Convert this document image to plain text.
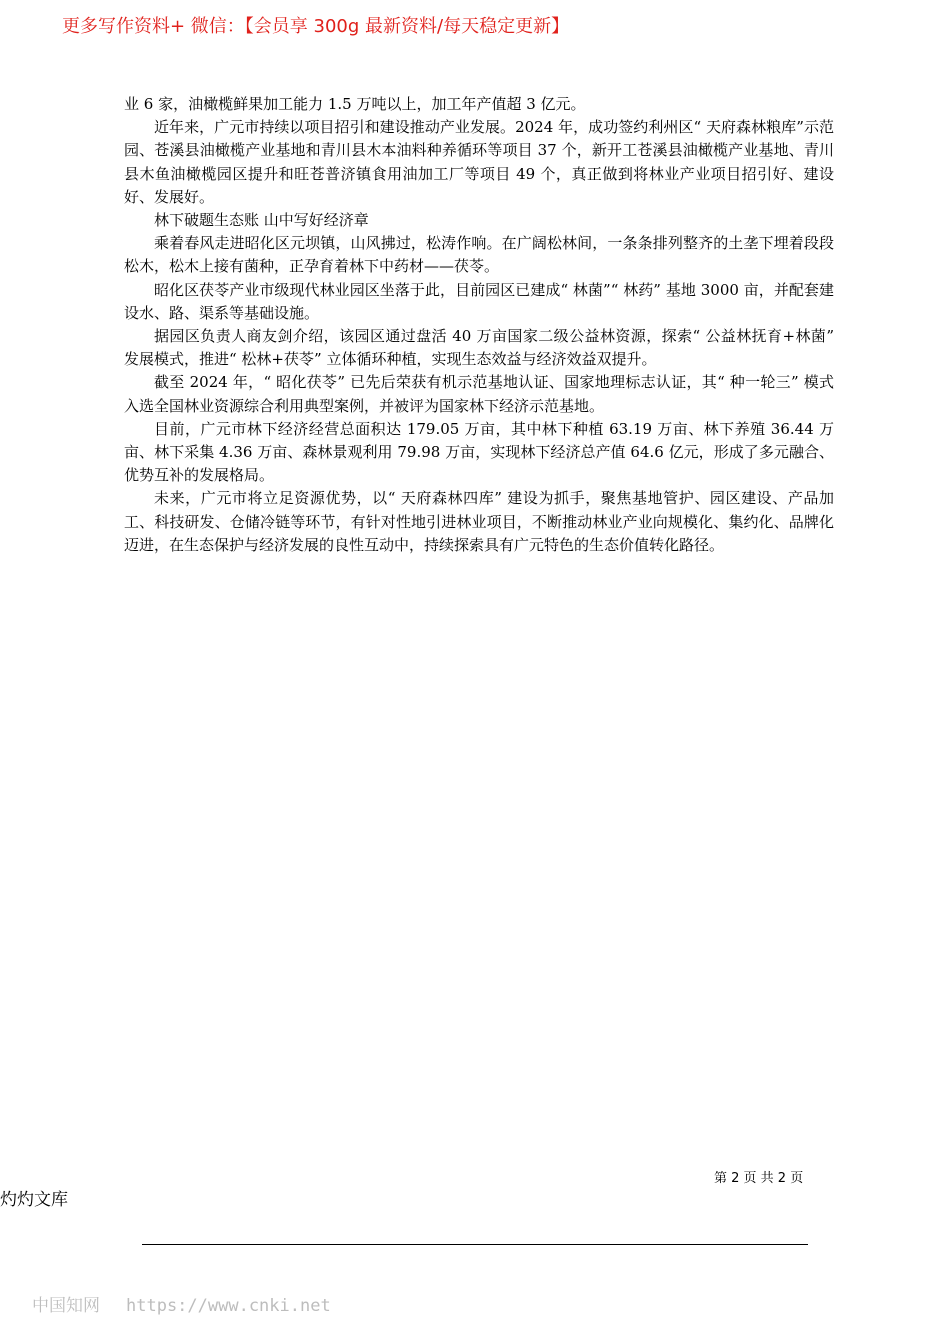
更多写作资料+ 微信：【会员享 300g 最新资料/每天稳定更新】

业 6 家，油橄榄鲜果加工能力 1.5 万吨以上，加工年产值超 3 亿元。

近年来，广元市持续以项目招引和建设推动产业发展。2024 年，成功签约利州区“ 天府森林粮库”示范园、苍溪县油橄榄产业基地和青川县木本油料种养循环等项目 37 个，新开工苍溪县油橄榄产业基地、青川县木鱼油橄榄园区提升和旺苍普济镇食用油加工厂等项目 49 个，真正做到将林业产业项目招引好、建设好、发展好。

林下破题生态账 山中写好经济章

乘着春风走进昭化区元坝镇，山风拂过，松涛作响。在广阔松林间，一条条排列整齐的土垄下埋着段段松木，松木上接有菌种，正孕育着林下中药材——茯苓。

昭化区茯苓产业市级现代林业园区坐落于此，目前园区已建成“ 林菌”“ 林药” 基地 3000 亩，并配套建设水、路、渠系等基础设施。

据园区负责人商友剑介绍，该园区通过盘活 40 万亩国家二级公益林资源，探索“ 公益林抚育+林菌” 发展模式，推进“ 松林+茯苓” 立体循环种植，实现生态效益与经济效益双提升。

截至 2024 年，“ 昭化茯苓” 已先后荣获有机示范基地认证、国家地理标志认证，其“ 种一轮三” 模式入选全国林业资源综合利用典型案例，并被评为国家林下经济示范基地。

目前，广元市林下经济经营总面积达 179.05 万亩，其中林下种植 63.19 万亩、林下养殖 36.44 万亩、林下采集 4.36 万亩、森林景观利用 79.98 万亩，实现林下经济总产值 64.6 亿元，形成了多元融合、优势互补的发展格局。

未来，广元市将立足资源优势，以“ 天府森林四库” 建设为抓手，聚焦基地管护、园区建设、产品加工、科技研发、仓储冷链等环节，有针对性地引进林业项目，不断推动林业产业向规模化、集约化、品牌化迈进，在生态保护与经济发展的良性互动中，持续探索具有广元特色的生态价值转化路径。

第 2 页 共 2 页
灼灼文库
中国知网 https://www.cnki.net
